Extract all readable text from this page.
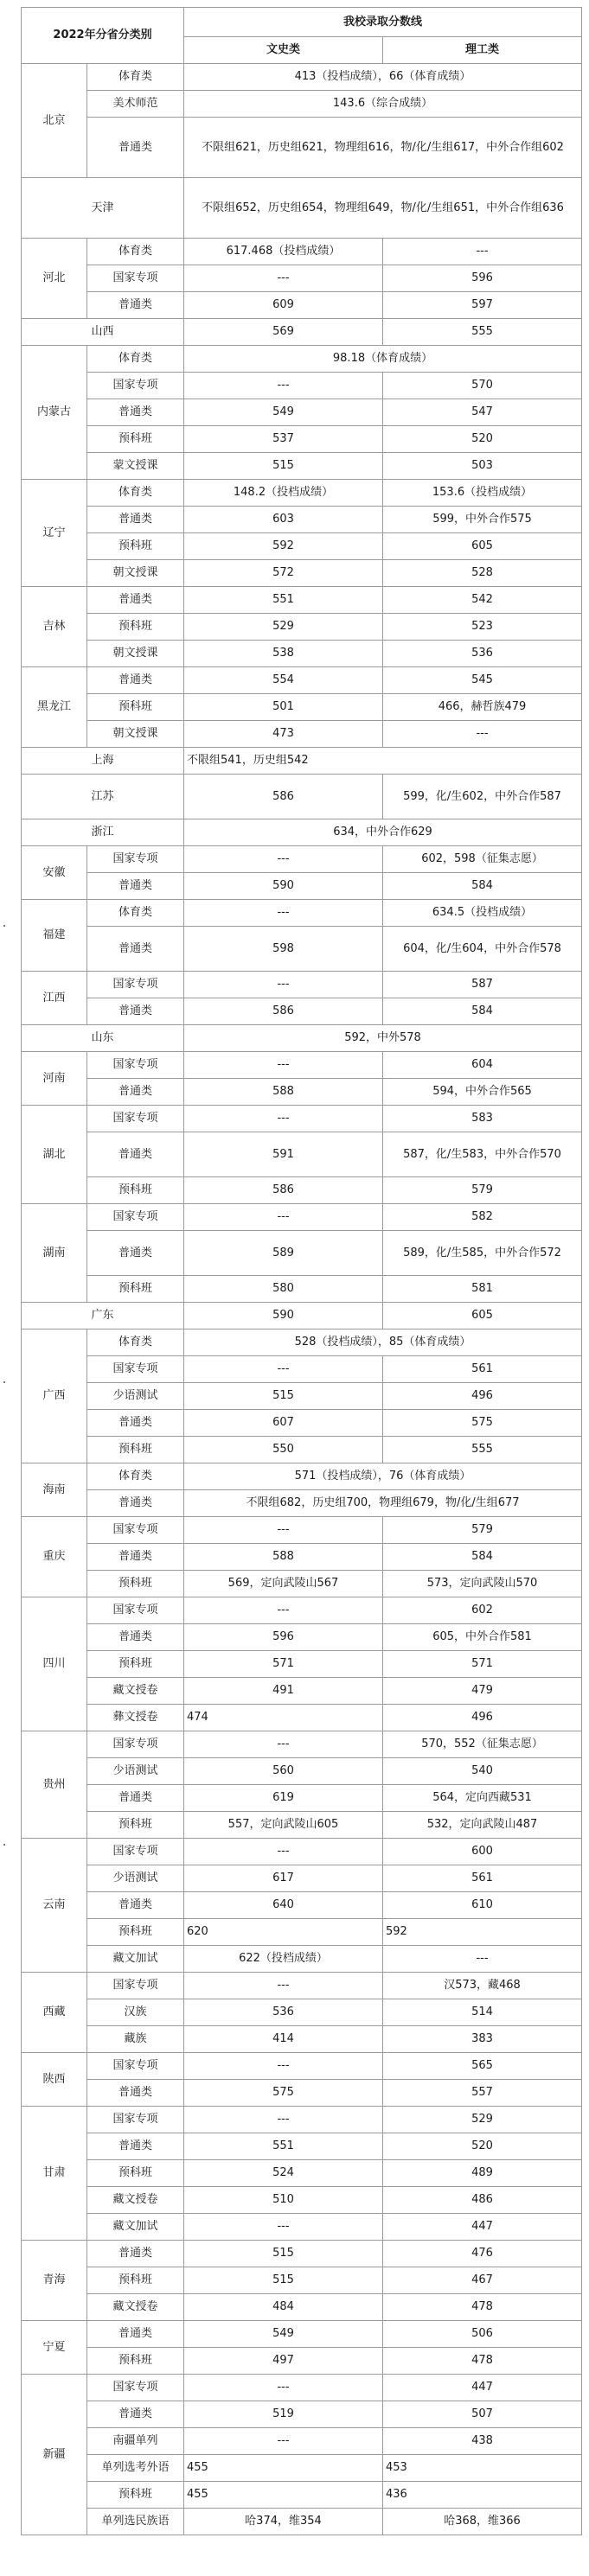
2022年分省分类别		我校录取分数线	
		文史类	理工类
北京	体育类	413（投档成绩），66（体育成绩）	
	美术师范	143.6（综合成绩）	
	普通类	不限组621，历史组621，物理组616，物/化/生组617，中外合作组602	
天津		不限组652，历史组654，物理组649，物/化/生组651，中外合作组636	
河北	体育类	617.468（投档成绩）	---
	国家专项	---	596
	普通类	609	597
山西		569	555
内蒙古	体育类	98.18（体育成绩）	
	国家专项	---	570
	普通类	549	547
	预科班	537	520
	蒙文授课	515	503
辽宁	体育类	148.2（投档成绩）	153.6（投档成绩）
	普通类	603	599，中外合作575
	预科班	592	605
	朝文授课	572	528
吉林	普通类	551	542
	预科班	529	523
	朝文授课	538	536
黑龙江	普通类	554	545
	预科班	501	466，赫哲族479
	朝文授课	473	---
上海		不限组541，历史组542	
江苏		586	599，化/生602，中外合作587
浙江		634，中外合作629	
安徽	国家专项	---	602，598（征集志愿）
	普通类	590	584
福建	体育类	---	634.5（投档成绩）
	普通类	598	604，化/生604，中外合作578
江西	国家专项	---	587
	普通类	586	584
山东		592，中外578	
河南	国家专项	---	604
	普通类	588	594，中外合作565
湖北	国家专项	---	583
	普通类	591	587，化/生583，中外合作570
	预科班	586	579
湖南	国家专项	---	582
	普通类	589	589，化/生585，中外合作572
	预科班	580	581
广东		590	605
广西	体育类	528（投档成绩），85（体育成绩）	
	国家专项	---	561
	少语测试	515	496
	普通类	607	575
	预科班	550	555
海南	体育类	571（投档成绩），76（体育成绩）	
	普通类	不限组682，历史组700，物理组679，物/化/生组677	
重庆	国家专项	---	579
	普通类	588	584
	预科班	569，定向武陵山567	573，定向武陵山570
四川	国家专项	---	602
	普通类	596	605，中外合作581
	预科班	571	571
	藏文授卷	491	479
	彝文授卷	474	496
贵州	国家专项	---	570，552（征集志愿）
	少语测试	560	540
	普通类	619	564，定向西藏531
	预科班	557，定向武陵山605	532，定向武陵山487
云南	国家专项	---	600
	少语测试	617	561
	普通类	640	610
	预科班	620	592
	藏文加试	622（投档成绩）	---
西藏	国家专项	---	汉573，藏468
	汉族	536	514
	藏族	414	383
陕西	国家专项	---	565
	普通类	575	557
甘肃	国家专项	---	529
	普通类	551	520
	预科班	524	489
	藏文授卷	510	486
	藏文加试	---	447
青海	普通类	515	476
	预科班	515	467
	藏文授卷	484	478
宁夏	普通类	549	506
	预科班	497	478
新疆	国家专项	---	447
	普通类	519	507
	南疆单列	---	438
	单列选考外语	455	453
	预科班	455	436
	单列选民族语	哈374，维354	哈368，维366
